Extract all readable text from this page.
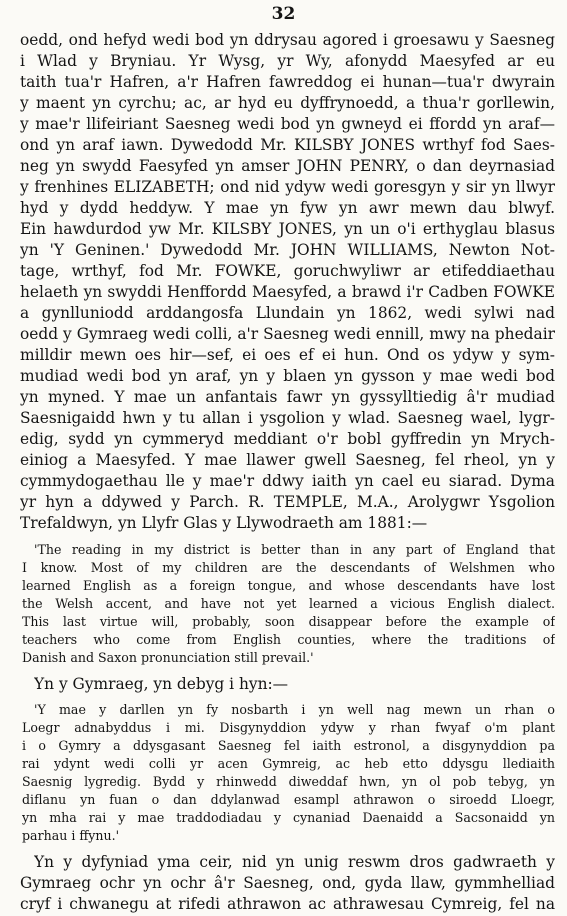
32
oedd, ond hefyd wedi bod yn ddrysau agored i groesawu y Saesneg
i Wlad y Bryniau. Yr Wysg, yr Wy, afonydd Maesyfed ar eu
taith tua'r Hafren, a'r Hafren fawreddog ei hunan—tua'r dwyrain
y maent yn cyrchu; ac, ar hyd eu dyffrynoedd, a thua'r gorllewin,
y mae'r llifeiriant Saesneg wedi bod yn gwneyd ei ffordd yn araf—
ond yn araf iawn. Dywedodd Mr. KILSBY JONES wrthyf fod Saes-
neg yn swydd Faesyfed yn amser JOHN PENRY, o dan deyrnasiad
y frenhines ELIZABETH; ond nid ydyw wedi goresgyn y sir yn llwyr
hyd y dydd heddyw. Y mae yn fyw yn awr mewn dau blwyf.
Ein hawdurdod yw Mr. KILSBY JONES, yn un o'i erthyglau blasus
yn 'Y Geninen.' Dywedodd Mr. JOHN WILLIAMS, Newton Not-
tage, wrthyf, fod Mr. FOWKE, goruchwyliwr ar etifeddiaethau
helaeth yn swyddi Henffordd Maesyfed, a brawd i'r Cadben FOWKE
a gynlluniodd arddangosfa Llundain yn 1862, wedi sylwi nad
oedd y Gymraeg wedi colli, a'r Saesneg wedi ennill, mwy na phedair
milldir mewn oes hir—sef, ei oes ef ei hun. Ond os ydyw y sym-
mudiad wedi bod yn araf, yn y blaen yn gysson y mae wedi bod
yn myned. Y mae un anfantais fawr yn gyssylltiedig â'r mudiad
Saesnigaidd hwn y tu allan i ysgolion y wlad. Saesneg wael, lygr-
edig, sydd yn cymmeryd meddiant o'r bobl gyffredin yn Mrych-
einiog a Maesyfed. Y mae llawer gwell Saesneg, fel rheol, yn y
cymmydogaethau lle y mae'r ddwy iaith yn cael eu siarad. Dyma
yr hyn a ddywed y Parch. R. TEMPLE, M.A., Arolygwr Ysgolion
Trefaldwyn, yn Llyfr Glas y Llywodraeth am 1881:—
'The reading in my district is better than in any part of England that
I know. Most of my children are the descendants of Welshmen who
learned English as a foreign tongue, and whose descendants have lost
the Welsh accent, and have not yet learned a vicious English dialect.
This last virtue will, probably, soon disappear before the example of
teachers who come from English counties, where the traditions of
Danish and Saxon pronunciation still prevail.'
Yn y Gymraeg, yn debyg i hyn:—
'Y mae y darllen yn fy nosbarth i yn well nag mewn un rhan o
Loegr adnabyddus i mi. Disgynyddion ydyw y rhan fwyaf o'm plant
i o Gymry a ddysgasant Saesneg fel iaith estronol, a disgynyddion pa
rai ydynt wedi colli yr acen Gymreig, ac heb etto ddysgu llediaith
Saesnig lygredig. Bydd y rhinwedd diweddaf hwn, yn ol pob tebyg, yn
diflanu yn fuan o dan ddylanwad esampl athrawon o siroedd Lloegr,
yn mha rai y mae traddodiadau y cynaniad Daenaidd a Sacsonaidd yn
parhau i ffynu.'
Yn y dyfyniad yma ceir, nid yn unig reswm dros gadwraeth y
Gymraeg ochr yn ochr â'r Saesneg, ond, gyda llaw, gymmhelliad
cryf i chwanegu at rifedi athrawon ac athrawesau Cymreig, fel na
